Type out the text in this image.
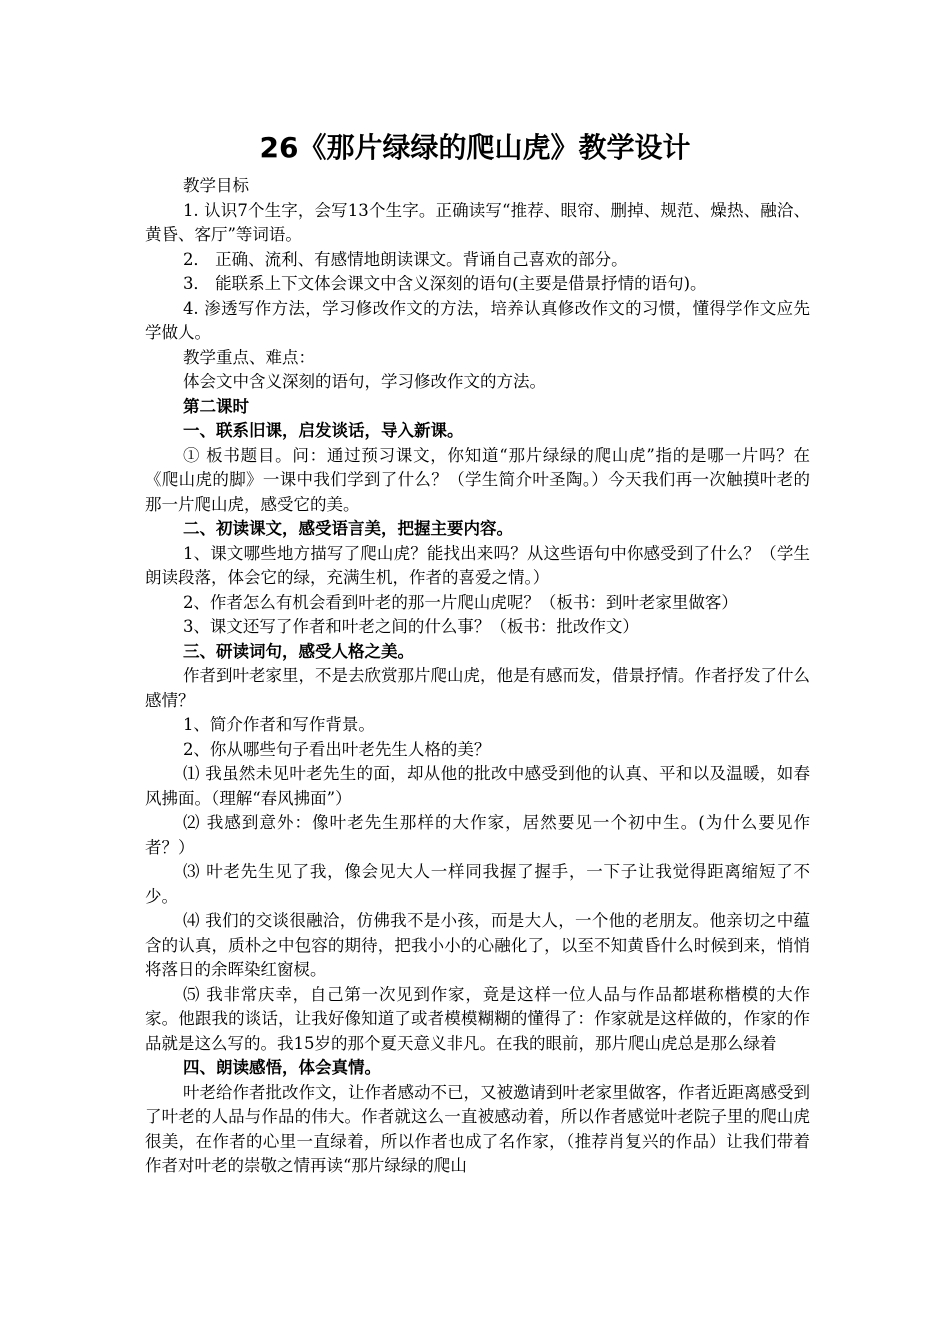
26《那片绿绿的爬山虎》教学设计

教学目标

1. 认识7个生字，会写13个生字。正确读写“推荐、眼帘、删掉、规范、燥热、融洽、黄昏、客厅”等词语。

2． 正确、流利、有感情地朗读课文。背诵自己喜欢的部分。

3． 能联系上下文体会课文中含义深刻的语句(主要是借景抒情的语句)。

4. 渗透写作方法，学习修改作文的方法，培养认真修改作文的习惯，懂得学作文应先学做人。

教学重点、难点：

体会文中含义深刻的语句，学习修改作文的方法。

第二课时

一、联系旧课，启发谈话，导入新课。

① 板书题目。问：通过预习课文，你知道“那片绿绿的爬山虎”指的是哪一片吗？在《爬山虎的脚》一课中我们学到了什么？（学生简介叶圣陶。）今天我们再一次触摸叶老的那一片爬山虎，感受它的美。

二、初读课文，感受语言美，把握主要内容。

1、课文哪些地方描写了爬山虎？能找出来吗？从这些语句中你感受到了什么？（学生朗读段落，体会它的绿，充满生机，作者的喜爱之情。）

2、作者怎么有机会看到叶老的那一片爬山虎呢？（板书：到叶老家里做客）

3、课文还写了作者和叶老之间的什么事？（板书：批改作文）

三、研读词句，感受人格之美。

作者到叶老家里，不是去欣赏那片爬山虎，他是有感而发，借景抒情。作者抒发了什么感情？

1、简介作者和写作背景。

2、你从哪些句子看出叶老先生人格的美？

⑴ 我虽然未见叶老先生的面，却从他的批改中感受到他的认真、平和以及温暖，如春风拂面。（理解“春风拂面”）

⑵ 我感到意外：像叶老先生那样的大作家，居然要见一个初中生。(为什么要见作者？）

⑶ 叶老先生见了我，像会见大人一样同我握了握手，一下子让我觉得距离缩短了不少。

⑷ 我们的交谈很融洽，仿佛我不是小孩，而是大人，一个他的老朋友。他亲切之中蕴含的认真，质朴之中包容的期待，把我小小的心融化了，以至不知黄昏什么时候到来，悄悄将落日的余晖染红窗棂。

⑸ 我非常庆幸，自己第一次见到作家，竟是这样一位人品与作品都堪称楷模的大作家。他跟我的谈话，让我好像知道了或者模模糊糊的懂得了：作家就是这样做的，作家的作品就是这么写的。我15岁的那个夏天意义非凡。在我的眼前，那片爬山虎总是那么绿着

四、朗读感悟，体会真情。

叶老给作者批改作文，让作者感动不已，又被邀请到叶老家里做客，作者近距离感受到了叶老的人品与作品的伟大。作者就这么一直被感动着，所以作者感觉叶老院子里的爬山虎很美，在作者的心里一直绿着，所以作者也成了名作家，（推荐肖复兴的作品）让我们带着作者对叶老的崇敬之情再读“那片绿绿的爬山
